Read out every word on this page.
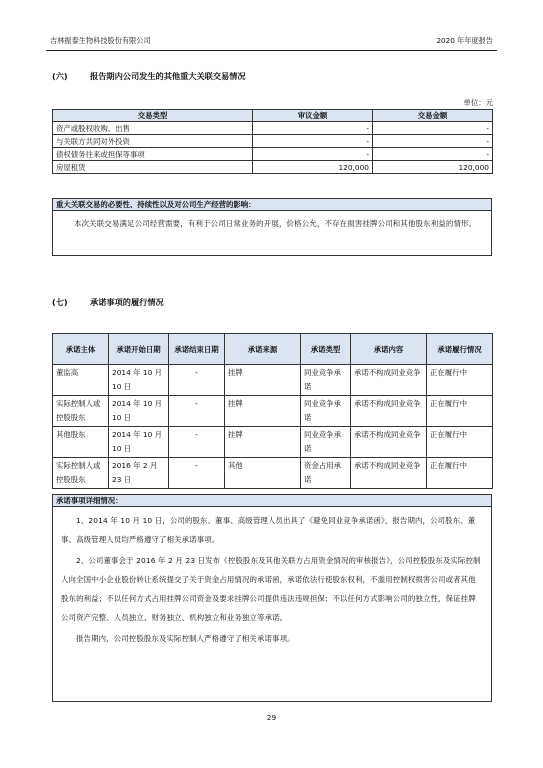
吉林振泰生物科技股份有限公司	2020 年年度报告
(六)	报告期内公司发生的其他重大关联交易情况
单位：元
交易类型	审议金额	交易金额
资产或股权收购、出售	-	-
与关联方共同对外投资	-	-
债权债务往来或担保等事项	-	-
房屋租赁	120,000	120,000
重大关联交易的必要性、持续性以及对公司生产经营的影响：
本次关联交易满足公司经营需要，有利于公司日常业务的开展，价格公允，不存在损害挂牌公司和其他股东利益的情形。
(七)	承诺事项的履行情况
承诺主体	承诺开始日期	承诺结束日期	承诺来源	承诺类型	承诺内容	承诺履行情况
董监高	2014 年 10 月 10 日	-	挂牌	同业竞争承诺	承诺不构成同业竞争	正在履行中
实际控制人或控股股东	2014 年 10 月 10 日	-	挂牌	同业竞争承诺	承诺不构成同业竞争	正在履行中
其他股东	2014 年 10 月 10 日	-	挂牌	同业竞争承诺	承诺不构成同业竞争	正在履行中
实际控制人或控股股东	2016 年 2 月 23 日	-	其他	资金占用承诺	承诺不构成同业竞争	正在履行中
承诺事项详细情况：

1、2014 年 10 月 10 日，公司的股东、董事、高级管理人员出具了《避免同业竞争承诺函》，报告期内，公司股东、董事、高级管理人员均严格遵守了相关承诺事项。

2、公司董事会于 2016 年 2 月 23 日发布《控股股东及其他关联方占用资金情况的审核报告》，公司控股股东及实际控制人向全国中小企业股份转让系统提交了关于资金占用情况的承诺函，承诺依法行使股东权利，不滥用控制权损害公司或者其他股东的利益；不以任何方式占用挂牌公司资金及要求挂牌公司提供违法违规担保；不以任何方式影响公司的独立性，保证挂牌公司资产完整、人员独立、财务独立、机构独立和业务独立等承诺。

报告期内，公司控股股东及实际控制人严格遵守了相关承诺事项。

29
